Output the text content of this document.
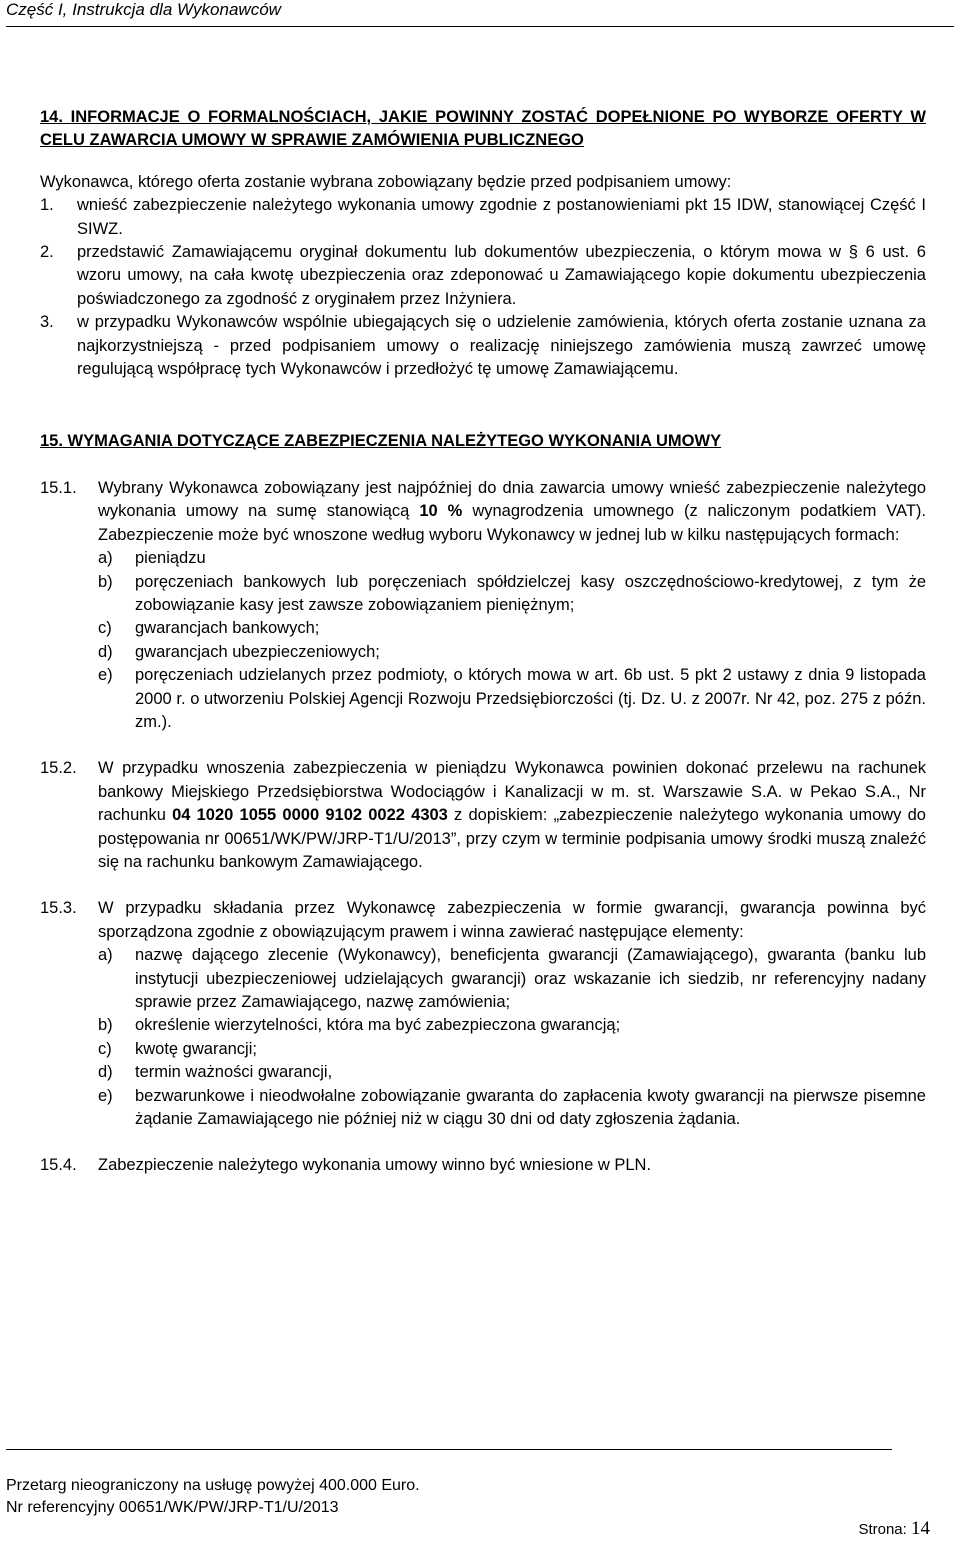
Część I, Instrukcja dla Wykonawców
14. INFORMACJE O FORMALNOŚCIACH, JAKIE POWINNY ZOSTAĆ DOPEŁNIONE PO WYBORZE OFERTY W CELU ZAWARCIA UMOWY W SPRAWIE ZAMÓWIENIA PUBLICZNEGO
Wykonawca, którego oferta zostanie wybrana zobowiązany będzie przed podpisaniem umowy:
1.	wnieść zabezpieczenie należytego wykonania umowy zgodnie z postanowieniami pkt 15 IDW, stanowiącej Część I SIWZ.
2.	przedstawić Zamawiającemu oryginał dokumentu lub dokumentów ubezpieczenia, o którym mowa w § 6 ust. 6 wzoru umowy, na cała kwotę ubezpieczenia oraz zdeponować u Zamawiającego kopie dokumentu ubezpieczenia poświadczonego za zgodność z oryginałem przez Inżyniera.
3.	w przypadku Wykonawców wspólnie ubiegających się o udzielenie zamówienia, których oferta zostanie uznana za najkorzystniejszą - przed podpisaniem umowy o realizację niniejszego zamówienia muszą zawrzeć umowę regulującą współpracę tych Wykonawców i przedłożyć tę umowę Zamawiającemu.
15. WYMAGANIA DOTYCZĄCE ZABEZPIECZENIA NALEŻYTEGO WYKONANIA UMOWY
15.1.	Wybrany Wykonawca zobowiązany jest najpóźniej do dnia zawarcia umowy wnieść zabezpieczenie należytego wykonania umowy na sumę stanowiącą 10 % wynagrodzenia umownego (z naliczonym podatkiem VAT). Zabezpieczenie może być wnoszone według wyboru Wykonawcy w jednej lub w kilku następujących formach:
a)	pieniądzu
b)	poręczeniach bankowych lub poręczeniach spółdzielczej kasy oszczędnościowo-kredytowej, z tym że zobowiązanie kasy jest zawsze zobowiązaniem pieniężnym;
c)	gwarancjach bankowych;
d)	gwarancjach ubezpieczeniowych;
e)	poręczeniach udzielanych przez podmioty, o których mowa w art. 6b ust. 5 pkt 2 ustawy z dnia 9 listopada 2000 r. o utworzeniu Polskiej Agencji Rozwoju Przedsiębiorczości (tj. Dz. U. z 2007r. Nr 42, poz. 275 z późn. zm.).
15.2.	W przypadku wnoszenia zabezpieczenia w pieniądzu Wykonawca powinien dokonać przelewu na rachunek bankowy Miejskiego Przedsiębiorstwa Wodociągów i Kanalizacji w m. st. Warszawie S.A. w Pekao S.A., Nr rachunku 04 1020 1055 0000 9102 0022 4303 z dopiskiem: „zabezpieczenie należytego wykonania umowy do postępowania nr 00651/WK/PW/JRP-T1/U/2013”, przy czym w terminie podpisania umowy środki muszą znaleźć się na rachunku bankowym Zamawiającego.
15.3.	W przypadku składania przez Wykonawcę zabezpieczenia w formie gwarancji, gwarancja powinna być sporządzona zgodnie z obowiązującym prawem i winna zawierać następujące elementy:
a)	nazwę dającego zlecenie (Wykonawcy), beneficjenta gwarancji (Zamawiającego), gwaranta (banku lub instytucji ubezpieczeniowej udzielających gwarancji) oraz wskazanie ich siedzib, nr referencyjny nadany sprawie przez Zamawiającego, nazwę zamówienia;
b)	określenie wierzytelności, która ma być zabezpieczona gwarancją;
c)	kwotę gwarancji;
d)	termin ważności gwarancji,
e)	bezwarunkowe i nieodwołalne zobowiązanie gwaranta do zapłacenia kwoty gwarancji na pierwsze pisemne żądanie Zamawiającego nie później niż w ciągu 30 dni od daty zgłoszenia żądania.
15.4.	Zabezpieczenie należytego wykonania umowy winno być wniesione w PLN.
Przetarg nieograniczony na usługę powyżej 400.000 Euro.
Nr referencyjny 00651/WK/PW/JRP-T1/U/2013
Strona: 14
